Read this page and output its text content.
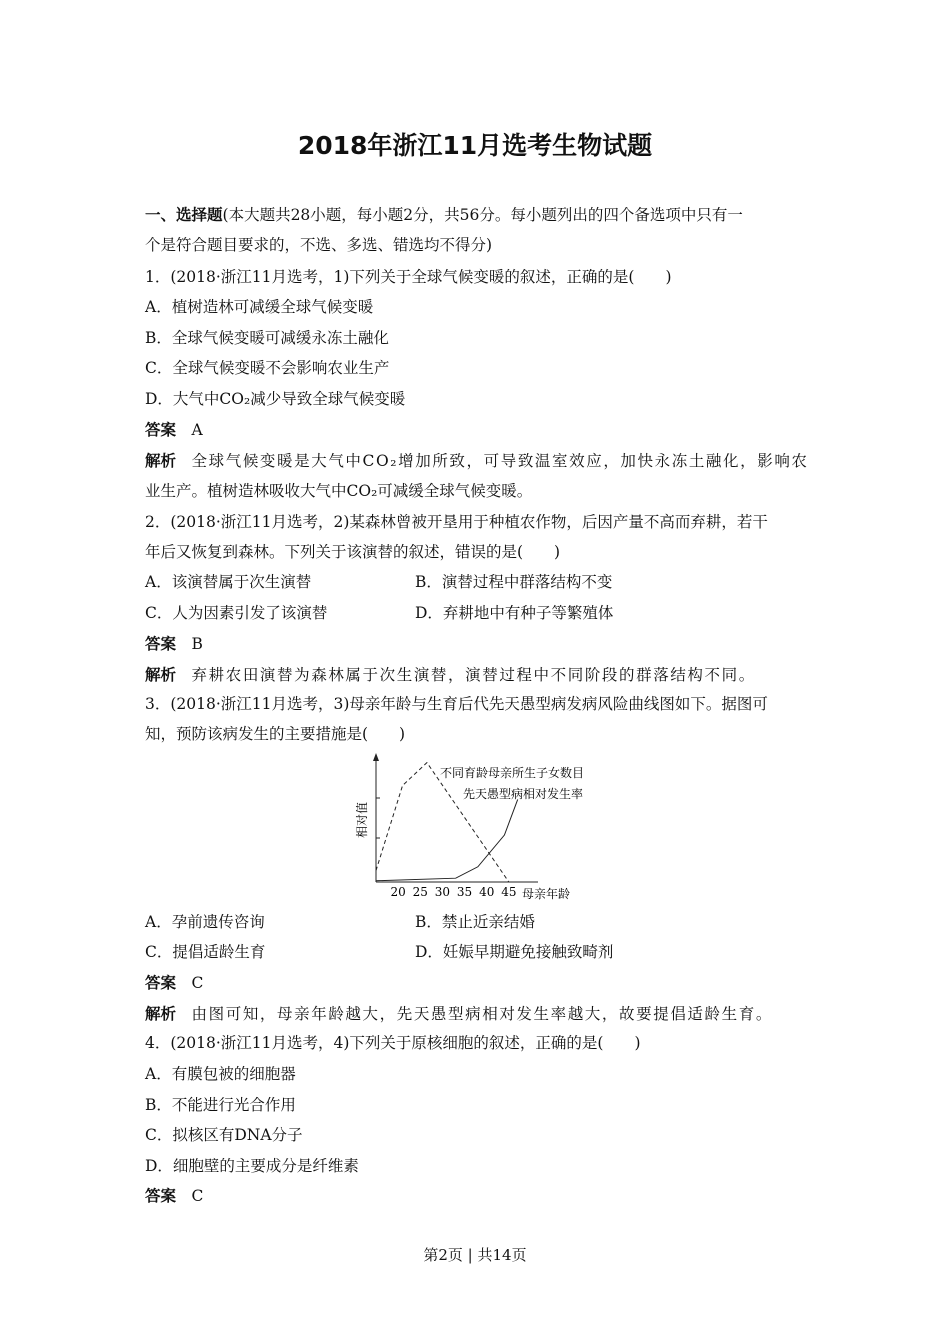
2018年浙江11月选考生物试题
一、选择题(本大题共28小题，每小题2分，共56分。每小题列出的四个备选项中只有一
个是符合题目要求的，不选、多选、错选均不得分)
1．(2018·浙江11月选考，1)下列关于全球气候变暖的叙述，正确的是(　　)
A．植树造林可减缓全球气候变暖
B．全球气候变暖可减缓永冻土融化
C．全球气候变暖不会影响农业生产
D．大气中CO₂减少导致全球气候变暖
答案　 A
解析　 全球气候变暖是大气中CO₂增加所致，可导致温室效应，加快永冻土融化，影响农
业生产。植树造林吸收大气中CO₂可减缓全球气候变暖。
2．(2018·浙江11月选考，2)某森林曾被开垦用于种植农作物，后因产量不高而弃耕，若干
年后又恢复到森林。下列关于该演替的叙述，错误的是(　　)
A．该演替属于次生演替	B．演替过程中群落结构不变
C．人为因素引发了该演替	D．弃耕地中有种子等繁殖体
答案　 B
解析　 弃耕农田演替为森林属于次生演替，演替过程中不同阶段的群落结构不同。
3．(2018·浙江11月选考，3)母亲年龄与生育后代先天愚型病发病风险曲线图如下。据图可
知，预防该病发生的主要措施是(　　)
相对值
20 25 30 35 40 45 母亲年龄
不同育龄母亲所生子女数目
先天愚型病相对发生率
A．孕前遗传咨询	B．禁止近亲结婚
C．提倡适龄生育	D．妊娠早期避免接触致畸剂
答案　 C
解析　 由图可知，母亲年龄越大，先天愚型病相对发生率越大，故要提倡适龄生育。
4．(2018·浙江11月选考，4)下列关于原核细胞的叙述，正确的是(　　)
A．有膜包被的细胞器
B．不能进行光合作用
C．拟核区有DNA分子
D．细胞壁的主要成分是纤维素
答案　 C
第2页 | 共14页
